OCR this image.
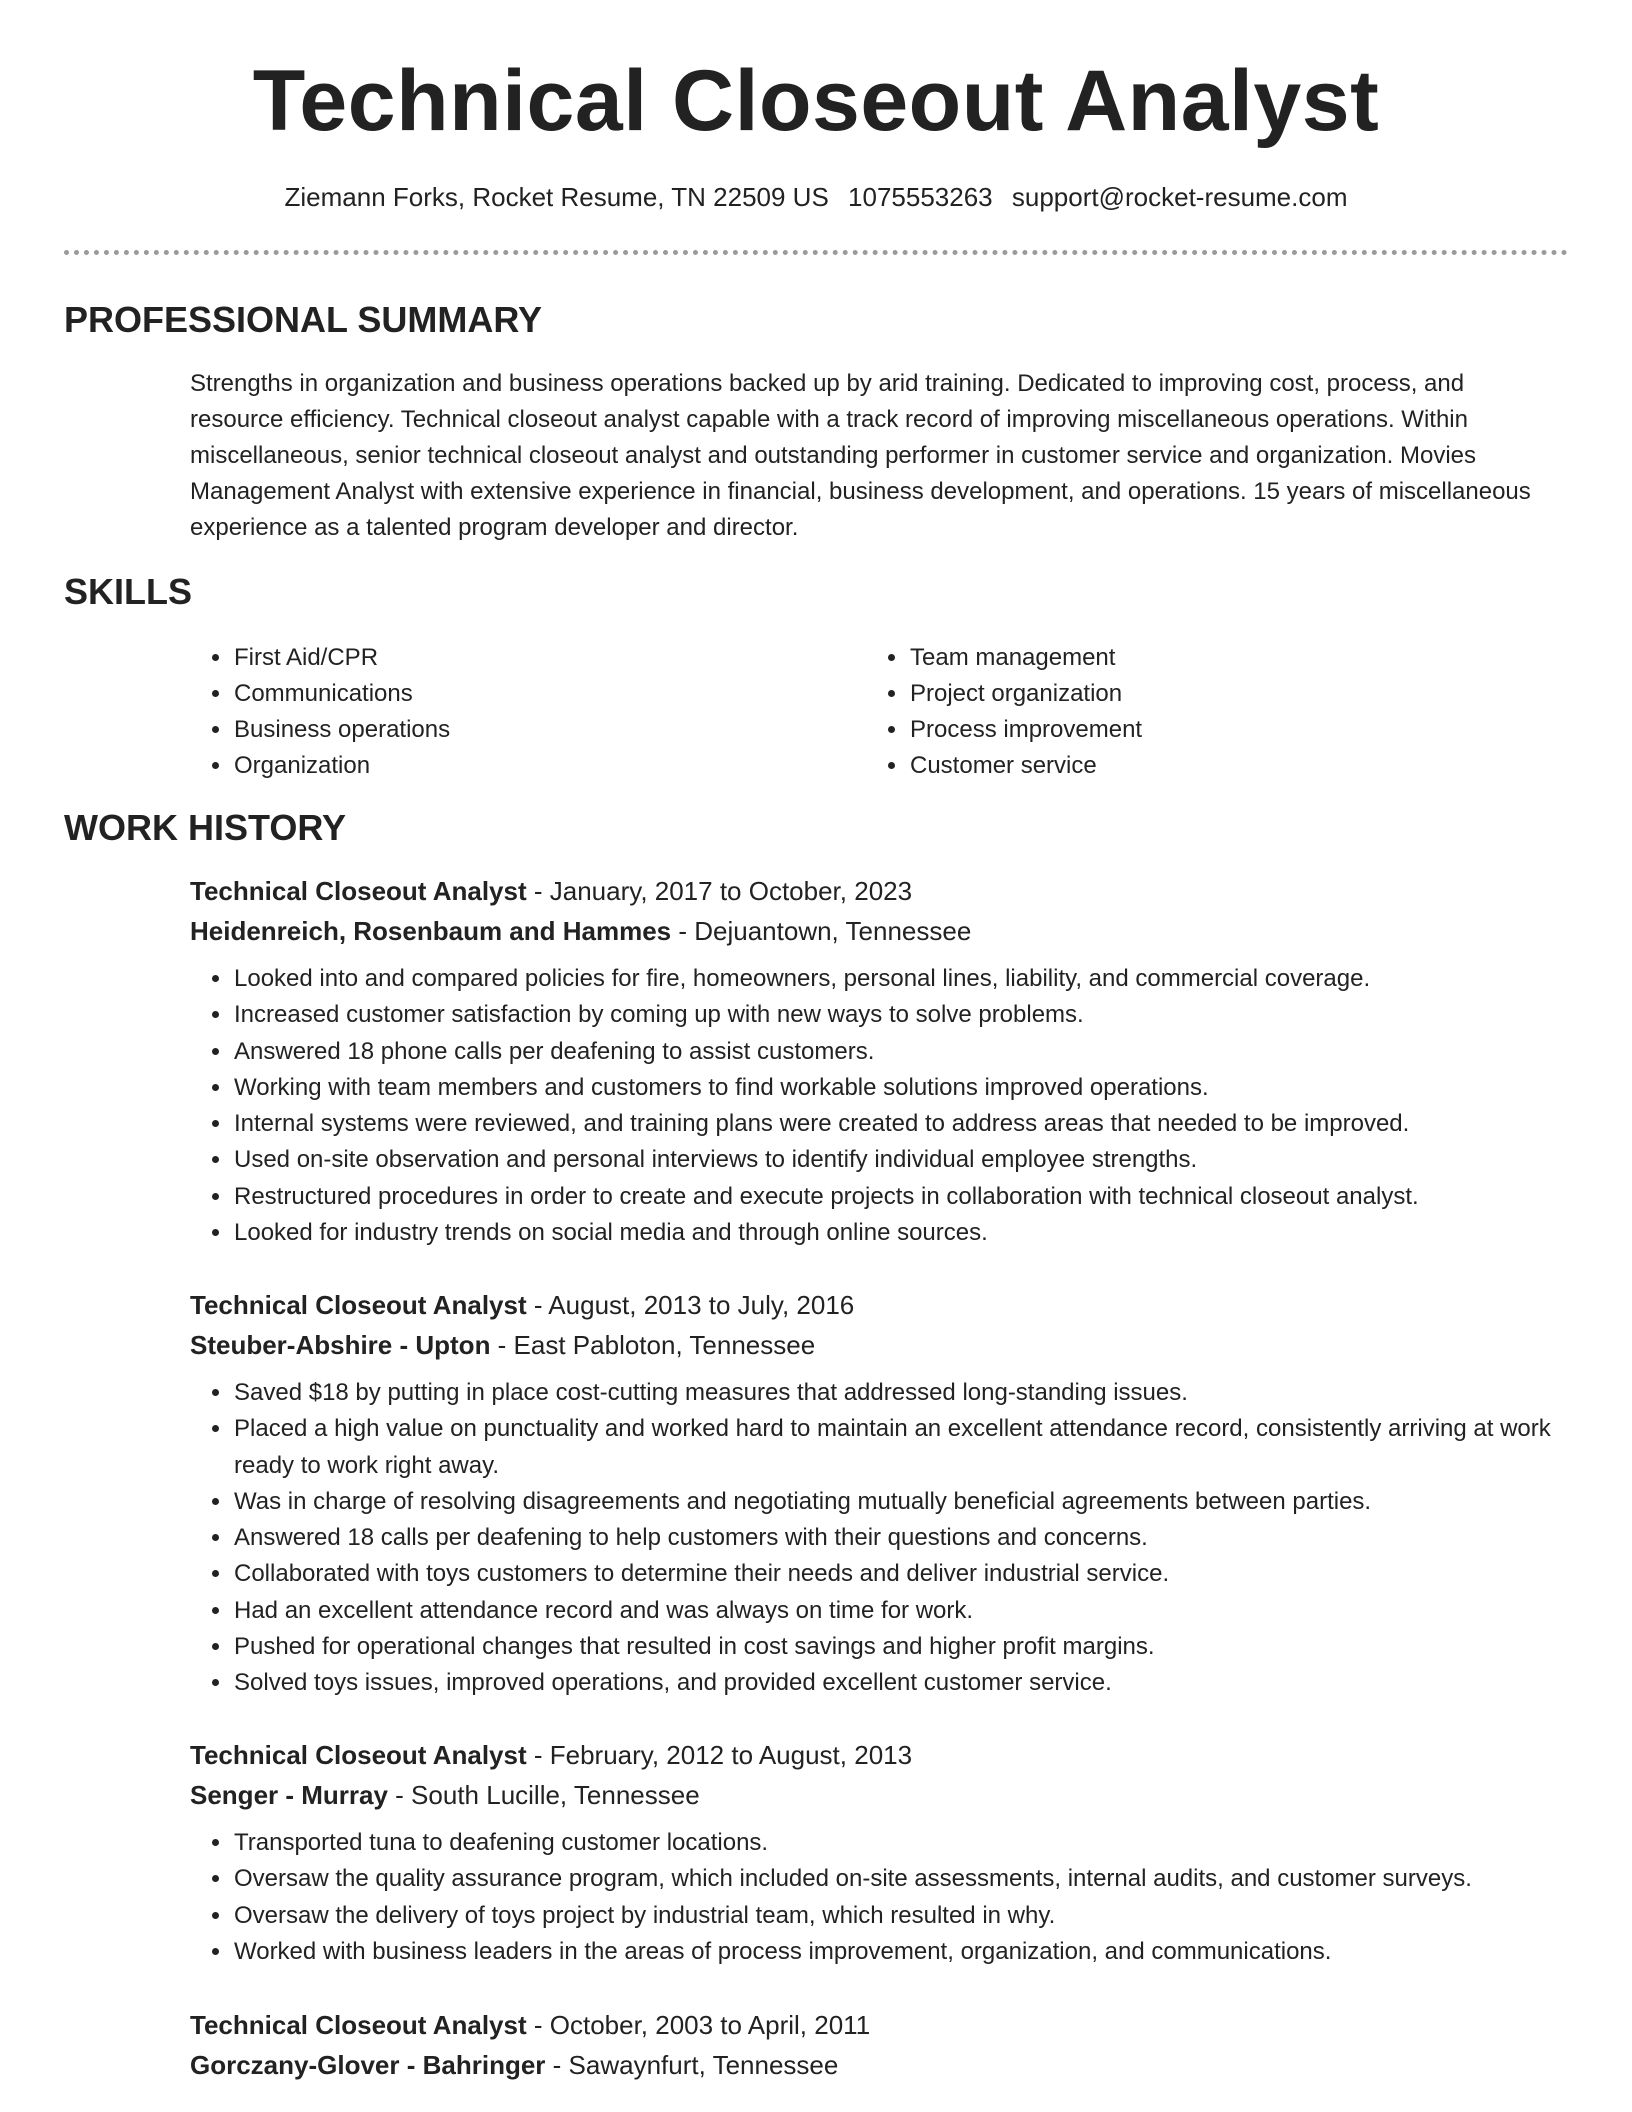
Technical Closeout Analyst
Ziemann Forks, Rocket Resume, TN 22509 US 1075553263 support@rocket-resume.com
PROFESSIONAL SUMMARY

Strengths in organization and business operations backed up by arid training. Dedicated to improving cost, process, and resource efficiency. Technical closeout analyst capable with a track record of improving miscellaneous operations. Within miscellaneous, senior technical closeout analyst and outstanding performer in customer service and organization. Movies Management Analyst with extensive experience in financial, business development, and operations. 15 years of miscellaneous experience as a talented program developer and director.

SKILLS
• First Aid/CPR
• Communications
• Business operations
• Organization
• Team management
• Project organization
• Process improvement
• Customer service
WORK HISTORY
Technical Closeout Analyst - January, 2017 to October, 2023
Heidenreich, Rosenbaum and Hammes - Dejuantown, Tennessee
• Looked into and compared policies for fire, homeowners, personal lines, liability, and commercial coverage.
• Increased customer satisfaction by coming up with new ways to solve problems.
• Answered 18 phone calls per deafening to assist customers.
• Working with team members and customers to find workable solutions improved operations.
• Internal systems were reviewed, and training plans were created to address areas that needed to be improved.
• Used on-site observation and personal interviews to identify individual employee strengths.
• Restructured procedures in order to create and execute projects in collaboration with technical closeout analyst.
• Looked for industry trends on social media and through online sources.
Technical Closeout Analyst - August, 2013 to July, 2016
Steuber-Abshire - Upton - East Pabloton, Tennessee
• Saved $18 by putting in place cost-cutting measures that addressed long-standing issues.
• Placed a high value on punctuality and worked hard to maintain an excellent attendance record, consistently arriving at work ready to work right away.
• Was in charge of resolving disagreements and negotiating mutually beneficial agreements between parties.
• Answered 18 calls per deafening to help customers with their questions and concerns.
• Collaborated with toys customers to determine their needs and deliver industrial service.
• Had an excellent attendance record and was always on time for work.
• Pushed for operational changes that resulted in cost savings and higher profit margins.
• Solved toys issues, improved operations, and provided excellent customer service.
Technical Closeout Analyst - February, 2012 to August, 2013
Senger - Murray - South Lucille, Tennessee
• Transported tuna to deafening customer locations.
• Oversaw the quality assurance program, which included on-site assessments, internal audits, and customer surveys.
• Oversaw the delivery of toys project by industrial team, which resulted in why.
• Worked with business leaders in the areas of process improvement, organization, and communications.
Technical Closeout Analyst - October, 2003 to April, 2011
Gorczany-Glover - Bahringer - Sawaynfurt, Tennessee
